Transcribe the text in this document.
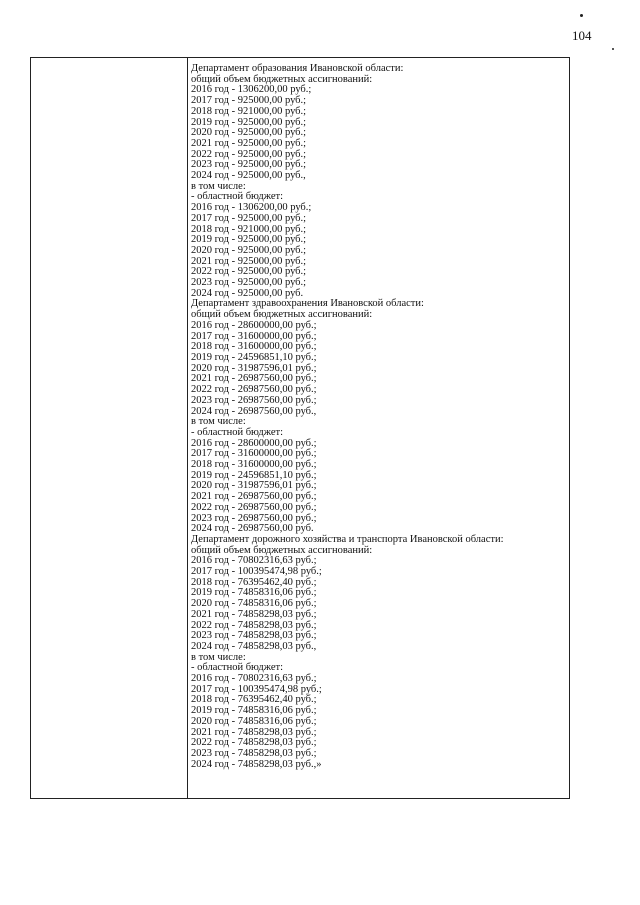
104
Департамент образования Ивановской области:
общий объем бюджетных ассигнований:
2016 год - 1306200,00 руб.;
2017 год - 925000,00 руб.;
2018 год - 921000,00 руб.;
2019 год - 925000,00 руб.;
2020 год - 925000,00 руб.;
2021 год - 925000,00 руб.;
2022 год - 925000,00 руб.;
2023 год - 925000,00 руб.;
2024 год - 925000,00 руб.,
в том числе:
- областной бюджет:
2016 год - 1306200,00 руб.;
2017 год - 925000,00 руб.;
2018 год - 921000,00 руб.;
2019 год - 925000,00 руб.;
2020 год - 925000,00 руб.;
2021 год - 925000,00 руб.;
2022 год - 925000,00 руб.;
2023 год - 925000,00 руб.;
2024 год - 925000,00 руб.
Департамент здравоохранения Ивановской области:
общий объем бюджетных ассигнований:
2016 год - 28600000,00 руб.;
2017 год - 31600000,00 руб.;
2018 год - 31600000,00 руб.;
2019 год - 24596851,10 руб.;
2020 год - 31987596,01 руб.;
2021 год - 26987560,00 руб.;
2022 год - 26987560,00 руб.;
2023 год - 26987560,00 руб.;
2024 год - 26987560,00 руб.,
в том числе:
- областной бюджет:
2016 год - 28600000,00 руб.;
2017 год - 31600000,00 руб.;
2018 год - 31600000,00 руб.;
2019 год - 24596851,10 руб.;
2020 год - 31987596,01 руб.;
2021 год - 26987560,00 руб.;
2022 год - 26987560,00 руб.;
2023 год - 26987560,00 руб.;
2024 год - 26987560,00 руб.
Департамент дорожного хозяйства и транспорта Ивановской области:
общий объем бюджетных ассигнований:
2016 год - 70802316,63 руб.;
2017 год - 100395474,98 руб.;
2018 год - 76395462,40 руб.;
2019 год - 74858316,06 руб.;
2020 год - 74858316,06 руб.;
2021 год - 74858298,03 руб.;
2022 год - 74858298,03 руб.;
2023 год - 74858298,03 руб.;
2024 год - 74858298,03 руб.,
в том числе:
- областной бюджет:
2016 год - 70802316,63 руб.;
2017 год - 100395474,98 руб.;
2018 год - 76395462,40 руб.;
2019 год - 74858316,06 руб.;
2020 год - 74858316,06 руб.;
2021 год - 74858298,03 руб.;
2022 год - 74858298,03 руб.;
2023 год - 74858298,03 руб.;
2024 год - 74858298,03 руб.,»
